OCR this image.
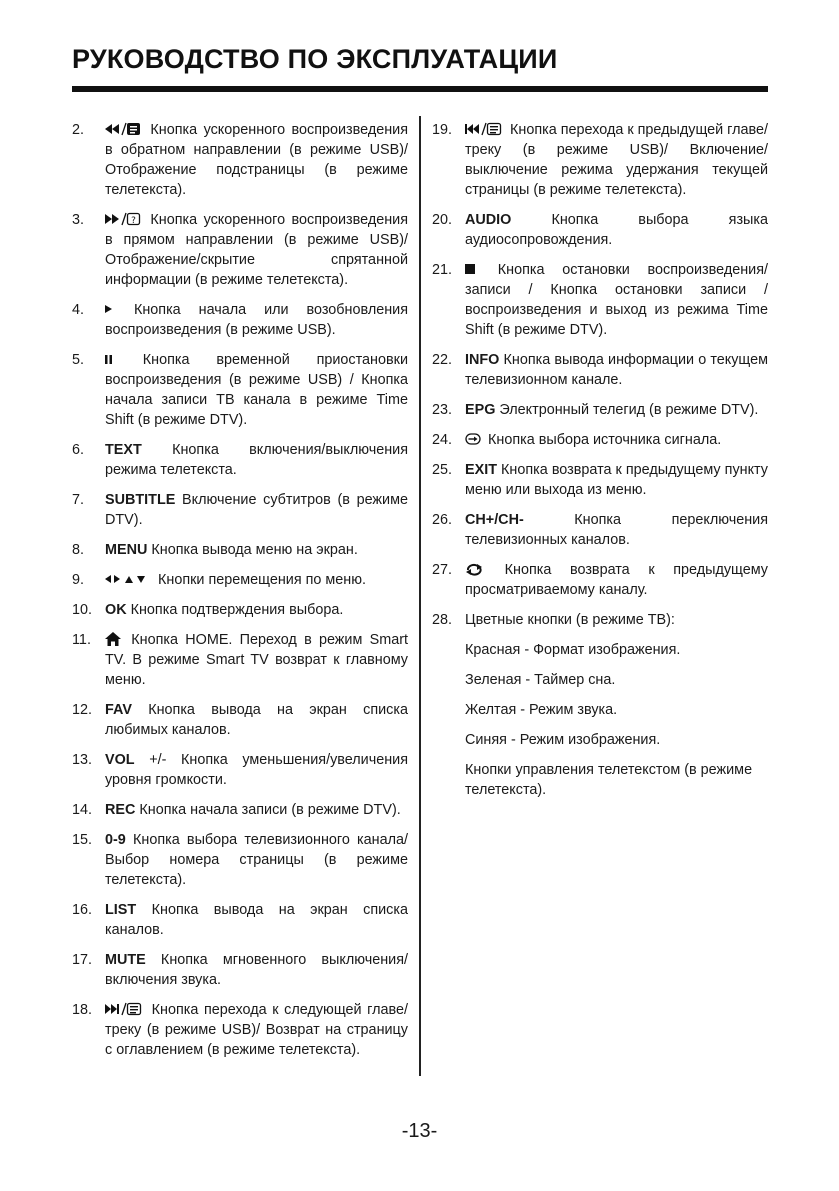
РУКОВОДСТВО ПО ЭКСПЛУАТАЦИИ
2.	Кнопка ускоренного воспроизведения в обратном направлении (в режиме USB)/ Отображение подстраницы (в режиме телетекста).
3.	? Кнопка ускоренного воспроизведения в прямом направлении (в режиме USB)/ Отображение/скрытие спрятанной информации (в режиме телетекста).
4.	Кнопка начала или возобновления воспроизведения (в режиме USB).
5.	Кнопка временной приостановки воспроизведения (в режиме USB) / Кнопка начала записи ТВ канала в режиме Time Shift (в режиме DTV).
6.	TEXT Кнопка включения/выключения режима телетекста.
7.	SUBTITLE Включение субтитров (в режиме DTV).
8.	MENU Кнопка вывода меню на экран.
9.	Кнопки перемещения по меню.
10. OK Кнопка подтверждения выбора.
11.	Кнопка HOME. Переход в режим Smart TV. В режиме Smart TV возврат к главному меню.
12. FAV Кнопка вывода на экран списка любимых каналов.
13. VOL +/- Кнопка уменьшения/увеличения уровня громкости.
14. REC Кнопка начала записи (в режиме DTV).
15. 0-9 Кнопка выбора телевизионного канала/ Выбор номера страницы (в режиме телетекста).
16. LIST Кнопка вывода на экран списка каналов.
17. MUTE Кнопка мгновенного выключения/ включения звука.
18.	Кнопка перехода к следующей главе/треку (в режиме USB)/ Возврат на страницу с оглавлением (в режиме телетекста).
19.	Кнопка перехода к предыдущей главе/треку (в режиме USB)/ Включение/ выключение режима удержания текущей страницы (в режиме телетекста).
20. AUDIO Кнопка выбора языка аудиосопровождения.
21.	Кнопка остановки воспроизведения/ записи / Кнопка остановки записи / воспроизведения и выход из режима Time Shift (в режиме DTV).
22. INFO Кнопка вывода информации о текущем телевизионном канале.
23. EPG Электронный телегид (в режиме DTV).
24.	Кнопка выбора источника сигнала.
25. EXIT Кнопка возврата к предыдущему пункту меню или выхода из меню.
26. CH+/CH- Кнопка переключения телевизионных каналов.
27.	Кнопка возврата к предыдущему просматриваемому каналу.
28. Цветные кнопки (в режиме ТВ):
Красная - Формат изображения.
Зеленая - Таймер сна.
Желтая - Режим звука.
Синяя - Режим изображения.
Кнопки управления телетекстом (в режиме телетекста).
-13-
